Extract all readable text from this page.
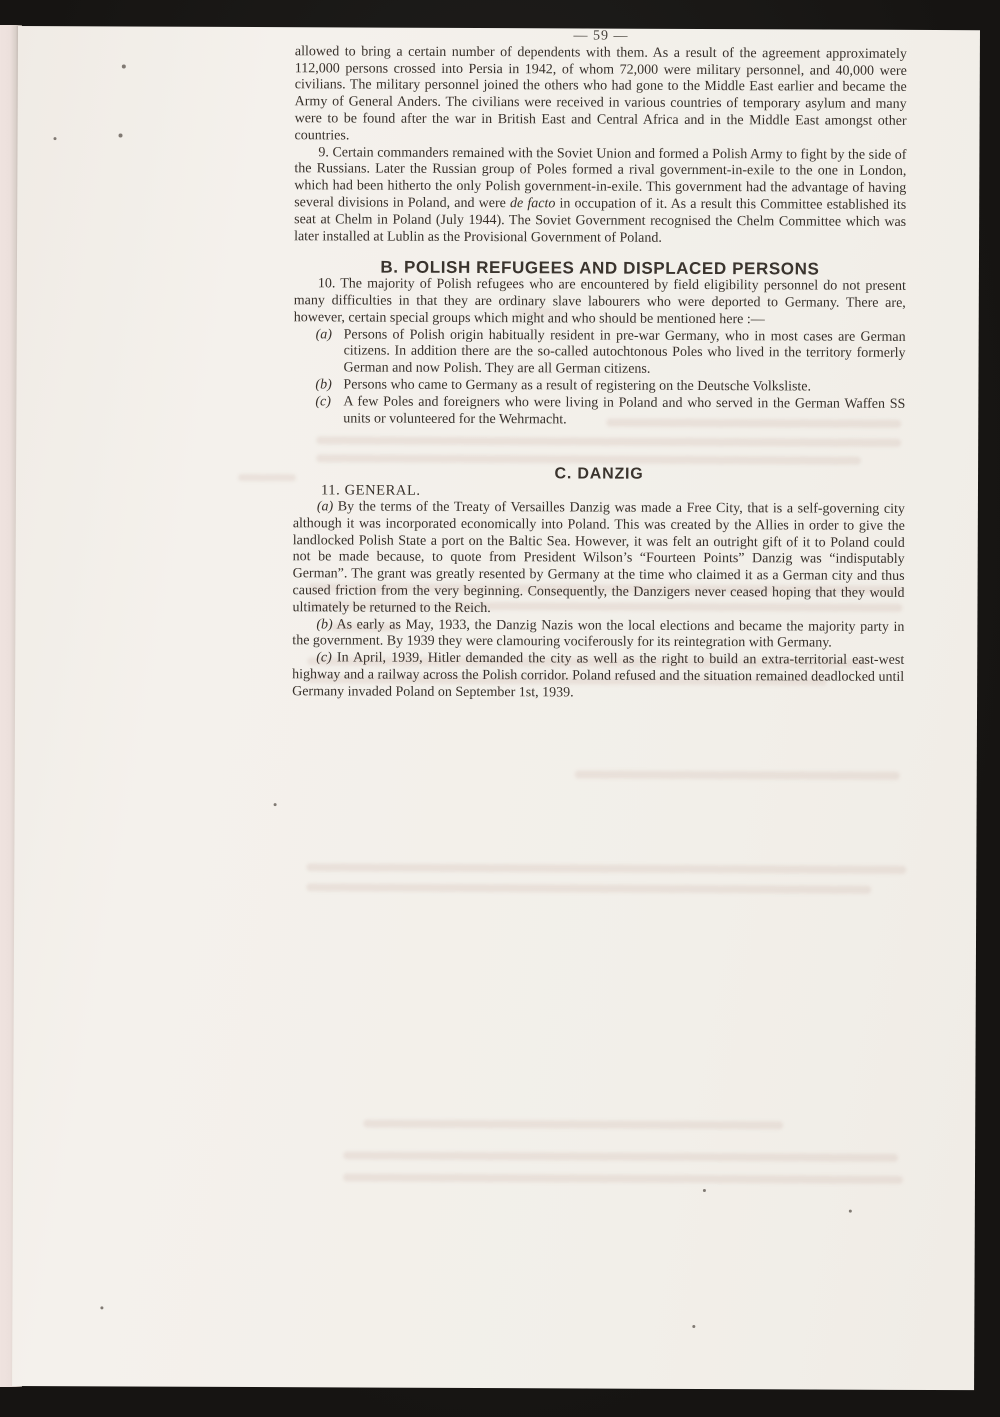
— 59 —

allowed to bring a certain number of dependents with them. As a result of the agreement approximately 112,000 persons crossed into Persia in 1942, of whom 72,000 were military personnel, and 40,000 were civilians. The military personnel joined the others who had gone to the Middle East earlier and became the Army of General Anders. The civilians were received in various countries of temporary asylum and many were to be found after the war in British East and Central Africa and in the Middle East amongst other countries.

9. Certain commanders remained with the Soviet Union and formed a Polish Army to fight by the side of the Russians. Later the Russian group of Poles formed a rival government-in-exile to the one in London, which had been hitherto the only Polish government-in-exile. This government had the advantage of having several divisions in Poland, and were de facto in occupation of it. As a result this Committee established its seat at Chelm in Poland (July 1944). The Soviet Government recognised the Chelm Committee which was later installed at Lublin as the Provisional Government of Poland.

B. POLISH REFUGEES AND DISPLACED PERSONS

10. The majority of Polish refugees who are encountered by field eligibility personnel do not present many difficulties in that they are ordinary slave labourers who were deported to Germany. There are, however, certain special groups which might and who should be mentioned here :—

(a) Persons of Polish origin habitually resident in pre-war Germany, who in most cases are German citizens. In addition there are the so-called autochtonous Poles who lived in the territory formerly German and now Polish. They are all German citizens.

(b) Persons who came to Germany as a result of registering on the Deutsche Volksliste.

(c) A few Poles and foreigners who were living in Poland and who served in the German Waffen SS units or volunteered for the Wehrmacht.

C. DANZIG

11. GENERAL.

(a) By the terms of the Treaty of Versailles Danzig was made a Free City, that is a self-governing city although it was incorporated economically into Poland. This was created by the Allies in order to give the landlocked Polish State a port on the Baltic Sea. However, it was felt an outright gift of it to Poland could not be made because, to quote from President Wilson’s “Fourteen Points” Danzig was “indisputably German”. The grant was greatly resented by Germany at the time who claimed it as a German city and thus caused friction from the very beginning. Consequently, the Danzigers never ceased hoping that they would ultimately be returned to the Reich.

(b) As early as May, 1933, the Danzig Nazis won the local elections and became the majority party in the government. By 1939 they were clamouring vociferously for its reintegration with Germany.

(c) In April, 1939, Hitler demanded the city as well as the right to build an extra-territorial east-west highway and a railway across the Polish corridor. Poland refused and the situation remained deadlocked until Germany invaded Poland on September 1st, 1939.
